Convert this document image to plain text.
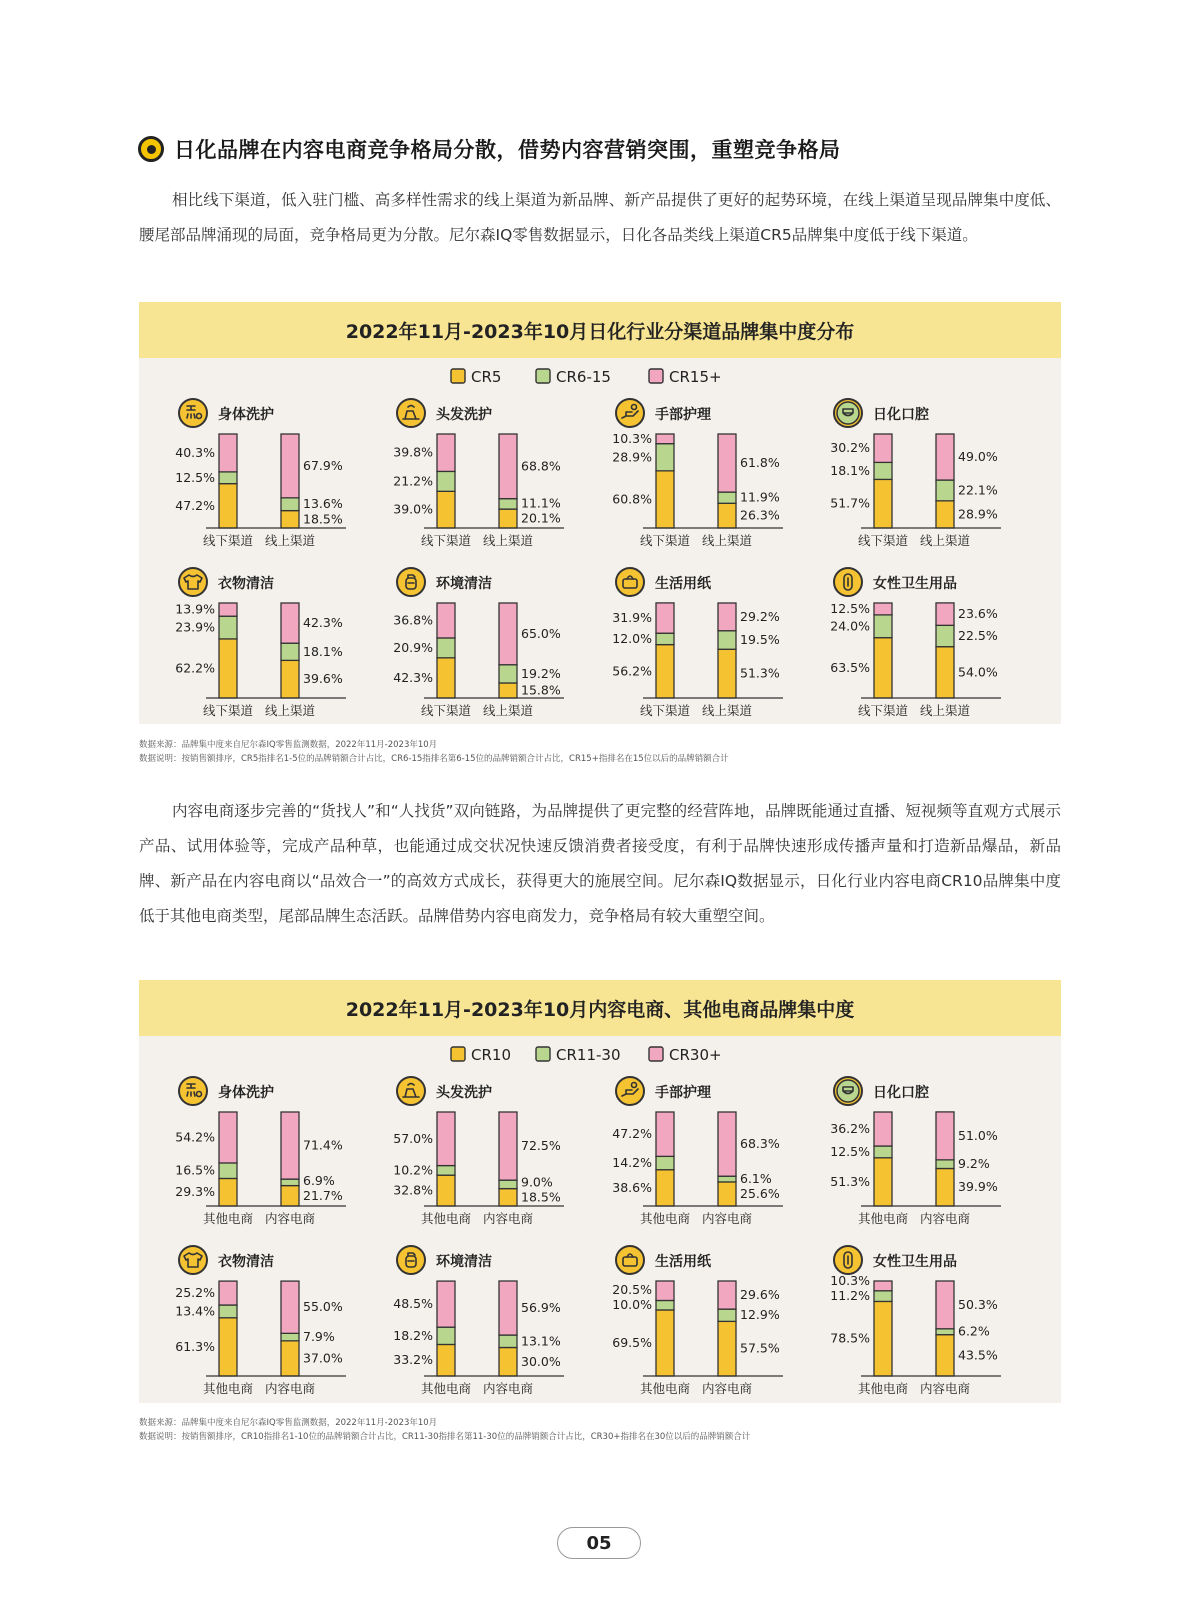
日化品牌在内容电商竞争格局分散，借势内容营销突围，重塑竞争格局

相比线下渠道，低入驻门槛、高多样性需求的线上渠道为新品牌、新产品提供了更好的起势环境，在线上渠道呈现品牌集中度低、腰尾部品牌涌现的局面，竞争格局更为分散。尼尔森IQ零售数据显示，日化各品类线上渠道CR5品牌集中度低于线下渠道。

2022年11月-2023年10月日化行业分渠道品牌集中度分布
CR5	CR6-15	CR15+
身体洗护
47.2%
12.5%
40.3%
线下渠道
18.5%
13.6%
67.9%
线上渠道
头发洗护
39.0%
21.2%
39.8%
线下渠道
20.1%
11.1%
68.8%
线上渠道
手部护理
60.8%
28.9%
10.3%
线下渠道
26.3%
11.9%
61.8%
线上渠道
日化口腔
51.7%
18.1%
30.2%
线下渠道
28.9%
22.1%
49.0%
线上渠道
衣物清洁
62.2%
23.9%
13.9%
线下渠道
39.6%
18.1%
42.3%
线上渠道
环境清洁
42.3%
20.9%
36.8%
线下渠道
15.8%
19.2%
65.0%
线上渠道
生活用纸
56.2%
12.0%
31.9%
线下渠道
51.3%
19.5%
29.2%
线上渠道
女性卫生用品
63.5%
24.0%
12.5%
线下渠道
54.0%
22.5%
23.6%
线上渠道
数据来源：品牌集中度来自尼尔森IQ零售监测数据，2022年11月-2023年10月
数据说明：按销售额排序，CR5指排名1-5位的品牌销额合计占比，CR6-15指排名第6-15位的品牌销额合计占比，CR15+指排名在15位以后的品牌销额合计

内容电商逐步完善的“货找人”和“人找货”双向链路，为品牌提供了更完整的经营阵地，品牌既能通过直播、短视频等直观方式展示产品、试用体验等，完成产品种草，也能通过成交状况快速反馈消费者接受度，有利于品牌快速形成传播声量和打造新品爆品，新品牌、新产品在内容电商以“品效合一”的高效方式成长，获得更大的施展空间。尼尔森IQ数据显示，日化行业内容电商CR10品牌集中度低于其他电商类型，尾部品牌生态活跃。品牌借势内容电商发力，竞争格局有较大重塑空间。

2022年11月-2023年10月内容电商、其他电商品牌集中度
CR10	CR11-30	CR30+
身体洗护
29.3%
16.5%
54.2%
其他电商
21.7%
6.9%
71.4%
内容电商
头发洗护
32.8%
10.2%
57.0%
其他电商
18.5%
9.0%
72.5%
内容电商
手部护理
38.6%
14.2%
47.2%
其他电商
25.6%
6.1%
68.3%
内容电商
日化口腔
51.3%
12.5%
36.2%
其他电商
39.9%
9.2%
51.0%
内容电商
衣物清洁
61.3%
13.4%
25.2%
其他电商
37.0%
7.9%
55.0%
内容电商
环境清洁
33.2%
18.2%
48.5%
其他电商
30.0%
13.1%
56.9%
内容电商
生活用纸
69.5%
10.0%
20.5%
其他电商
57.5%
12.9%
29.6%
内容电商
女性卫生用品
78.5%
11.2%
10.3%
其他电商
43.5%
6.2%
50.3%
内容电商
数据来源：品牌集中度来自尼尔森IQ零售监测数据，2022年11月-2023年10月
数据说明：按销售额排序，CR10指排名1-10位的品牌销额合计占比，CR11-30指排名第11-30位的品牌销额合计占比，CR30+指排名在30位以后的品牌销额合计
05
